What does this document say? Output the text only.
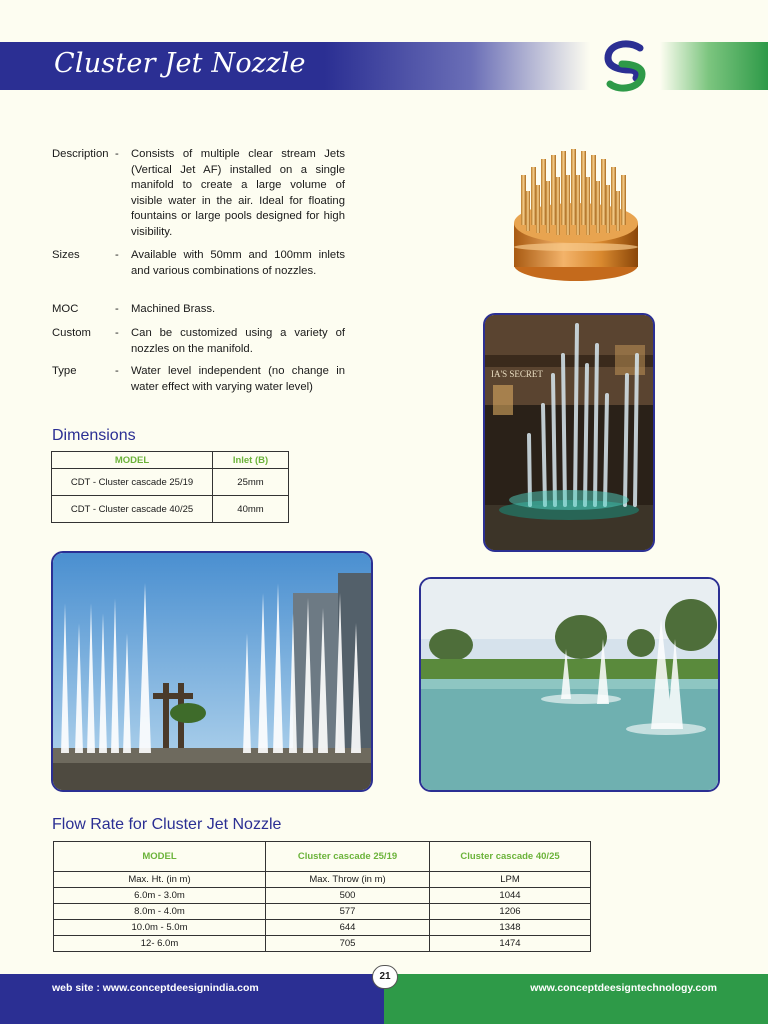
Cluster Jet Nozzle
Description -	Consists of multiple clear stream Jets (Vertical Jet AF) installed on a single manifold to create a large volume of visible water in the air. Ideal for floating fountains or large pools designed for high visibility.
Sizes	-	Available with 50mm and 100mm inlets and various combinations of nozzles.
MOC	-	Machined Brass.
Custom	-	Can be customized using a variety of nozzles on the manifold.
Type	-	Water level independent (no change in water effect with varying water level)
IA'S SECRET
Dimensions
MODEL	Inlet (B)
CDT - Cluster cascade 25/19	25mm
CDT - Cluster cascade 40/25	40mm
Flow Rate for Cluster Jet Nozzle
MODEL	Cluster cascade 25/19	Cluster cascade 40/25
Max. Ht. (in m)	Max. Throw (in m)	LPM
6.0m - 3.0m	500	1044
8.0m - 4.0m	577	1206
10.0m - 5.0m	644	1348
12- 6.0m	705	1474
web site : www.conceptdeesignindia.com	www.conceptdeesigntechnology.com
21
